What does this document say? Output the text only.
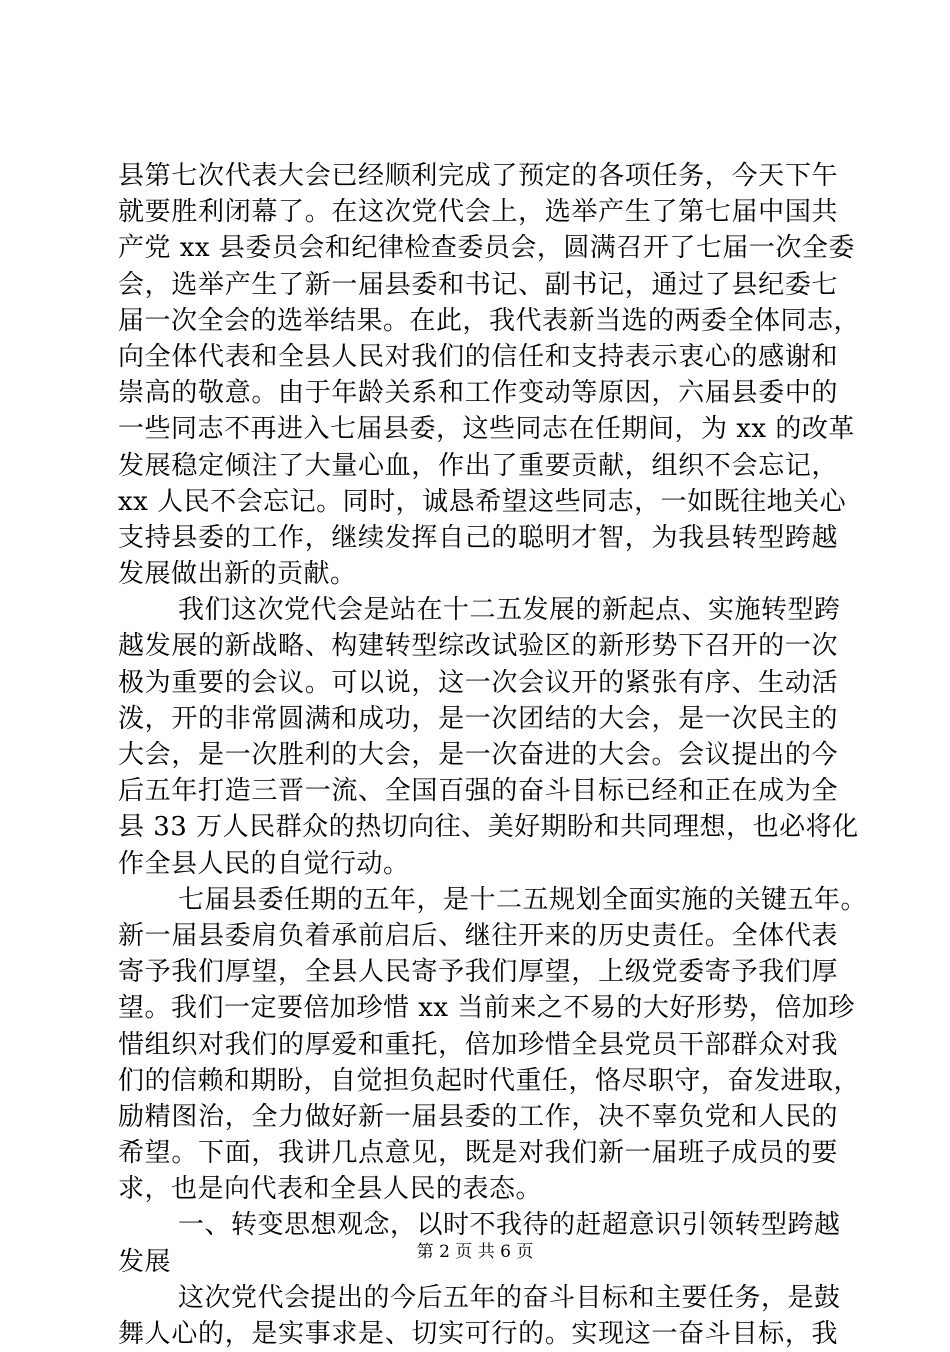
县第七次代表大会已经顺利完成了预定的各项任务，今天下午
就要胜利闭幕了。在这次党代会上，选举产生了第七届中国共
产党 xx 县委员会和纪律检查委员会，圆满召开了七届一次全委
会，选举产生了新一届县委和书记、副书记，通过了县纪委七
届一次全会的选举结果。在此，我代表新当选的两委全体同志，
向全体代表和全县人民对我们的信任和支持表示衷心的感谢和
崇高的敬意。由于年龄关系和工作变动等原因，六届县委中的
一些同志不再进入七届县委，这些同志在任期间，为 xx 的改革
发展稳定倾注了大量心血，作出了重要贡献，组织不会忘记，
xx 人民不会忘记。同时，诚恳希望这些同志，一如既往地关心
支持县委的工作，继续发挥自己的聪明才智，为我县转型跨越
发展做出新的贡献。
我们这次党代会是站在十二五发展的新起点、实施转型跨
越发展的新战略、构建转型综改试验区的新形势下召开的一次
极为重要的会议。可以说，这一次会议开的紧张有序、生动活
泼，开的非常圆满和成功，是一次团结的大会，是一次民主的
大会，是一次胜利的大会，是一次奋进的大会。会议提出的今
后五年打造三晋一流、全国百强的奋斗目标已经和正在成为全
县 33 万人民群众的热切向往、美好期盼和共同理想，也必将化
作全县人民的自觉行动。
七届县委任期的五年，是十二五规划全面实施的关键五年。
新一届县委肩负着承前启后、继往开来的历史责任。全体代表
寄予我们厚望，全县人民寄予我们厚望，上级党委寄予我们厚
望。我们一定要倍加珍惜 xx 当前来之不易的大好形势，倍加珍
惜组织对我们的厚爱和重托，倍加珍惜全县党员干部群众对我
们的信赖和期盼，自觉担负起时代重任，恪尽职守，奋发进取，
励精图治，全力做好新一届县委的工作，决不辜负党和人民的
希望。下面，我讲几点意见，既是对我们新一届班子成员的要
求，也是向代表和全县人民的表态。
一、转变思想观念，以时不我待的赶超意识引领转型跨越
发展
这次党代会提出的今后五年的奋斗目标和主要任务，是鼓
舞人心的，是实事求是、切实可行的。实现这一奋斗目标，我
第 2 页 共 6 页
